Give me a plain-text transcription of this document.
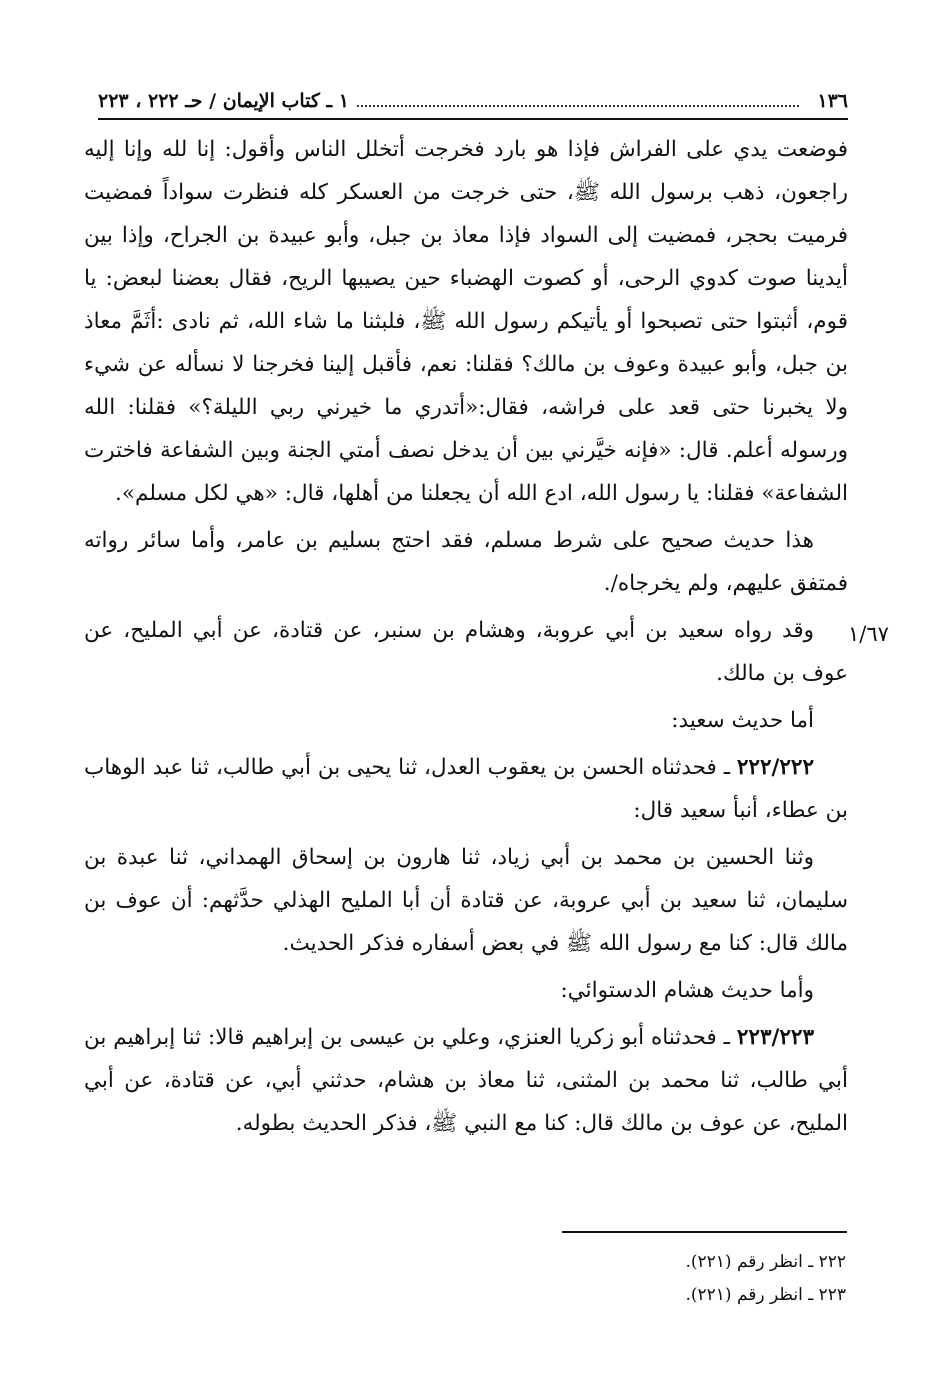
١٣٦
١ ـ كتاب الإيمان / حـ ٢٢٢ ، ٢٢٣

فوضعت يدي على الفراش فإذا هو بارد فخرجت أتخلل الناس وأقول: إنا لله وإنا إليه راجعون، ذهب برسول الله ﷺ، حتى خرجت من العسكر كله فنظرت سواداً فمضيت فرميت بحجر، فمضيت إلى السواد فإذا معاذ بن جبل، وأبو عبيدة بن الجراح، وإذا بين أيدينا صوت كدوي الرحى، أو كصوت الهضباء حين يصيبها الريح، فقال بعضنا لبعض: يا قوم، أثبتوا حتى تصبحوا أو يأتيكم رسول الله ﷺ، فلبثنا ما شاء الله، ثم نادى :أثَمَّ معاذ بن جبل، وأبو عبيدة وعوف بن مالك؟ فقلنا: نعم، فأقبل إلينا فخرجنا لا نسأله عن شيء ولا يخبرنا حتى قعد على فراشه، فقال:«أتدري ما خيرني ربي الليلة؟» فقلنا: الله ورسوله أعلم. قال: «فإنه خيَّرني بين أن يدخل نصف أمتي الجنة وبين الشفاعة فاخترت الشفاعة» فقلنا: يا رسول الله، ادع الله أن يجعلنا من أهلها، قال: «هي لكل مسلم».

هذا حديث صحيح على شرط مسلم، فقد احتج بسليم بن عامر، وأما سائر رواته فمتفق عليهم، ولم يخرجاه/.

وقد رواه سعيد بن أبي عروبة، وهشام بن سنبر، عن قتادة، عن أبي المليح، عن عوف بن مالك.

أما حديث سعيد:

٢٢٢/٢٢٢ ـ فحدثناه الحسن بن يعقوب العدل، ثنا يحيى بن أبي طالب، ثنا عبد الوهاب بن عطاء، أنبأ سعيد قال:

وثنا الحسين بن محمد بن أبي زياد، ثنا هارون بن إسحاق الهمداني، ثنا عبدة بن سليمان، ثنا سعيد بن أبي عروبة، عن قتادة أن أبا المليح الهذلي حدَّثهم: أن عوف بن مالك قال: كنا مع رسول الله ﷺ في بعض أسفاره فذكر الحديث.

وأما حديث هشام الدستوائي:

٢٢٣/٢٢٣ ـ فحدثناه أبو زكريا العنزي، وعلي بن عيسى بن إبراهيم قالا: ثنا إبراهيم بن أبي طالب، ثنا محمد بن المثنى، ثنا معاذ بن هشام، حدثني أبي، عن قتادة، عن أبي المليح، عن عوف بن مالك قال: كنا مع النبي ﷺ، فذكر الحديث بطوله.

١/٦٧

٢٢٢ ـ انظر رقم (٢٢١).

٢٢٣ ـ انظر رقم (٢٢١).
